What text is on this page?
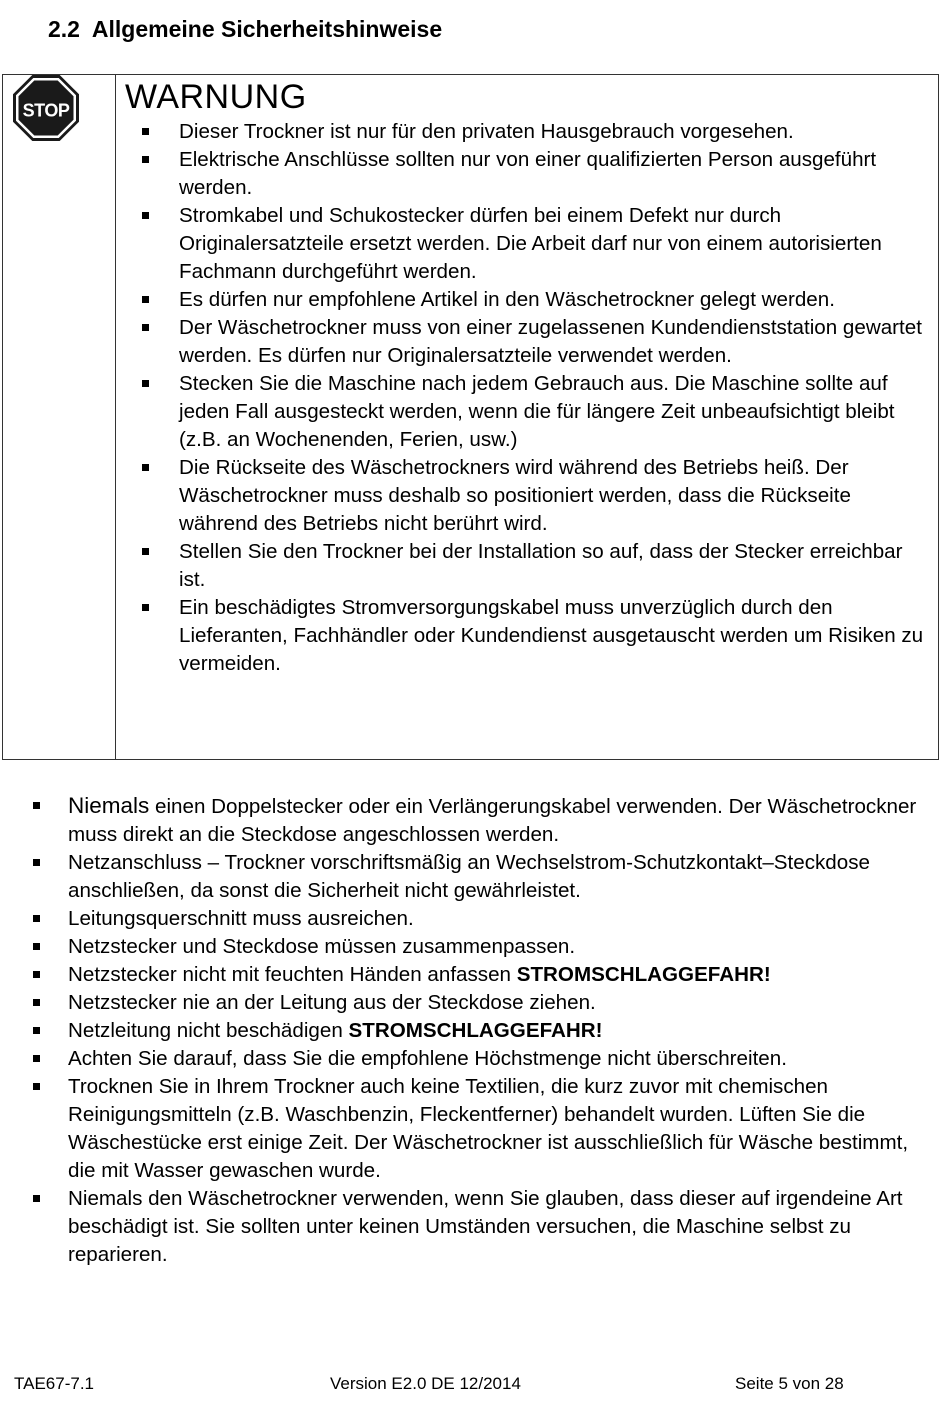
2.2  Allgemeine Sicherheitshinweise
STOP WARNUNG
Dieser Trockner ist nur für den privaten Hausgebrauch vorgesehen.
Elektrische Anschlüsse sollten nur von einer qualifizierten Person ausgeführt werden.
Stromkabel und Schukostecker dürfen bei einem Defekt nur durch Originalersatzteile ersetzt werden. Die Arbeit darf nur von einem autorisierten Fachmann durchgeführt werden.
Es dürfen nur empfohlene Artikel in den Wäschetrockner gelegt werden.
Der Wäschetrockner muss von einer zugelassenen Kundendienststation gewartet werden. Es dürfen nur Originalersatzteile verwendet werden.
Stecken Sie die Maschine nach jedem Gebrauch aus. Die Maschine sollte auf jeden Fall ausgesteckt werden, wenn die für längere Zeit unbeaufsichtigt bleibt (z.B. an Wochenenden, Ferien, usw.)
Die Rückseite des Wäschetrockners wird während des Betriebs heiß. Der Wäschetrockner muss deshalb so positioniert werden, dass die Rückseite während des Betriebs nicht berührt wird.
Stellen Sie den Trockner bei der Installation so auf, dass der Stecker erreichbar ist.
Ein beschädigtes Stromversorgungskabel muss unverzüglich durch den Lieferanten, Fachhändler oder Kundendienst ausgetauscht werden um Risiken zu vermeiden.
Niemals einen Doppelstecker oder ein Verlängerungskabel verwenden. Der Wäschetrockner muss direkt an die Steckdose angeschlossen werden.
Netzanschluss – Trockner vorschriftsmäßig an Wechselstrom-Schutzkontakt–Steckdose anschließen, da sonst die Sicherheit nicht gewährleistet.
Leitungsquerschnitt muss ausreichen.
Netzstecker und Steckdose müssen zusammenpassen.
Netzstecker nicht mit feuchten Händen anfassen STROMSCHLAGGEFAHR!
Netzstecker nie an der Leitung aus der Steckdose ziehen.
Netzleitung nicht beschädigen STROMSCHLAGGEFAHR!
Achten Sie darauf, dass Sie die empfohlene Höchstmenge nicht überschreiten.
Trocknen Sie in Ihrem Trockner auch keine Textilien, die kurz zuvor mit chemischen Reinigungsmitteln (z.B. Waschbenzin, Fleckentferner) behandelt wurden. Lüften Sie die Wäschestücke erst einige Zeit. Der Wäschetrockner ist ausschließlich für Wäsche bestimmt, die mit Wasser gewaschen wurde.
Niemals den Wäschetrockner verwenden, wenn Sie glauben, dass dieser auf irgendeine Art beschädigt ist. Sie sollten unter keinen Umständen versuchen, die Maschine selbst zu reparieren.
TAE67-7.1	Version E2.0 DE 12/2014	Seite 5 von 28
